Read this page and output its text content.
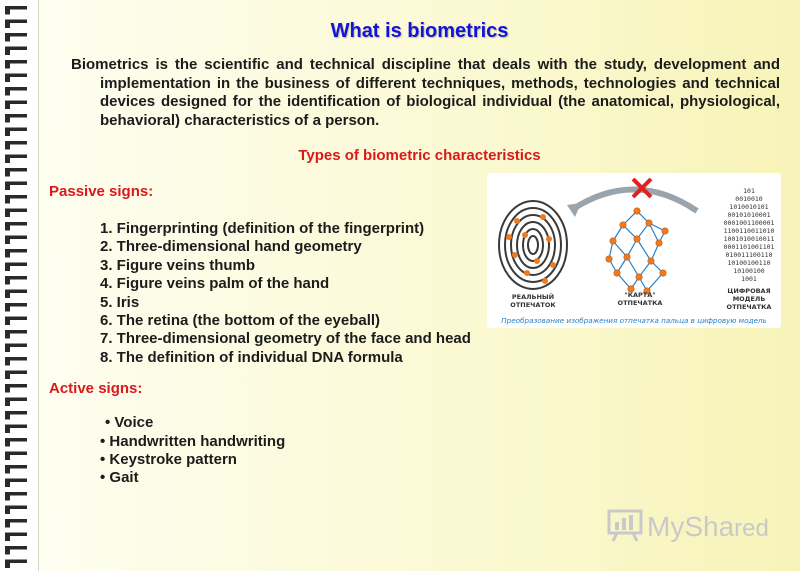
What is biometrics

Biometrics is the scientific and technical discipline that deals with the study, development and implementation in the business of different techniques, methods, technologies and technical devices designed for the identification of biological individual (the anatomical, physiological, behavioral) characteristics of a person.

Types of biometric characteristics

Passive signs:

1. Fingerprinting (definition of the fingerprint)
2. Three-dimensional hand geometry
3. Figure veins thumb
4. Figure veins palm of the hand
5. Iris
6. The retina (the bottom of the eyeball)
7. Three-dimensional geometry of the face and head
8. The definition of individual DNA formula

Active signs:

• Voice
• Handwritten handwriting
• Keystroke pattern
• Gait
101
0010010
1010010101
00101010001
0001001100001
1100110011010
1001010010011
0001101001101
010011100110
10100100110
10100100
1001
РЕАЛЬНЫЙ
ОТПЕЧАТОК
"КАРТА"
ОТПЕЧАТКА
ЦИФРОВАЯ
МОДЕЛЬ
ОТПЕЧАТКА
Преобразование изображения отпечатка пальца в цифровую модель
MyShared
